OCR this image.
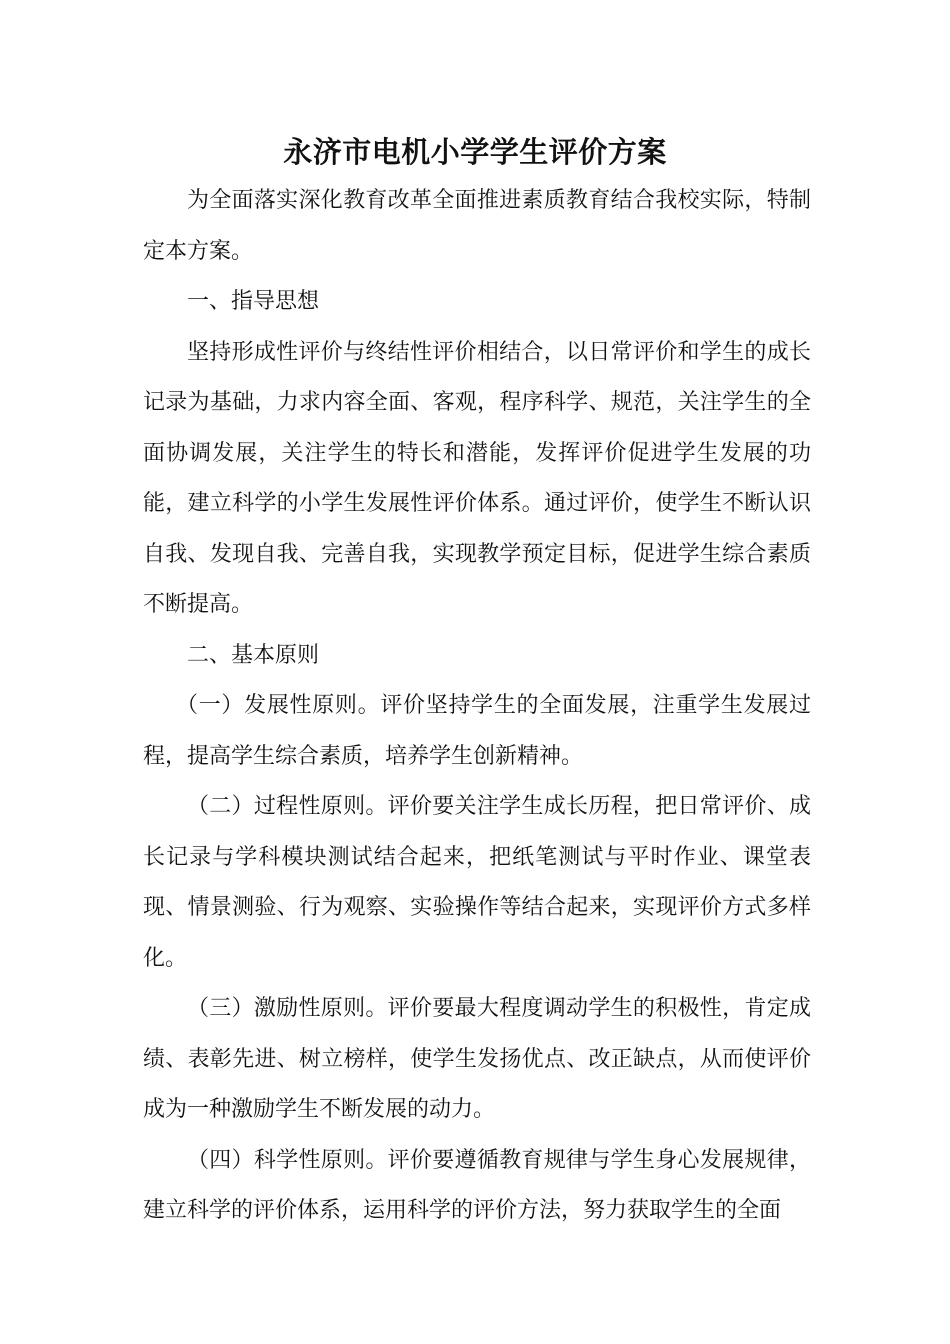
永济市电机小学学生评价方案

为全面落实深化教育改革全面推进素质教育结合我校实际，特制定本方案。

一、指导思想

坚持形成性评价与终结性评价相结合，以日常评价和学生的成长记录为基础，力求内容全面、客观，程序科学、规范，关注学生的全面协调发展，关注学生的特长和潜能，发挥评价促进学生发展的功能，建立科学的小学生发展性评价体系。通过评价，使学生不断认识自我、发现自我、完善自我，实现教学预定目标，促进学生综合素质不断提高。

二、基本原则

（一）发展性原则。评价坚持学生的全面发展，注重学生发展过程，提高学生综合素质，培养学生创新精神。

（二）过程性原则。评价要关注学生成长历程，把日常评价、成长记录与学科模块测试结合起来，把纸笔测试与平时作业、课堂表现、情景测验、行为观察、实验操作等结合起来，实现评价方式多样化。

（三）激励性原则。评价要最大程度调动学生的积极性，肯定成绩、表彰先进、树立榜样，使学生发扬优点、改正缺点，从而使评价成为一种激励学生不断发展的动力。

（四）科学性原则。评价要遵循教育规律与学生身心发展规律，建立科学的评价体系，运用科学的评价方法，努力获取学生的全面
